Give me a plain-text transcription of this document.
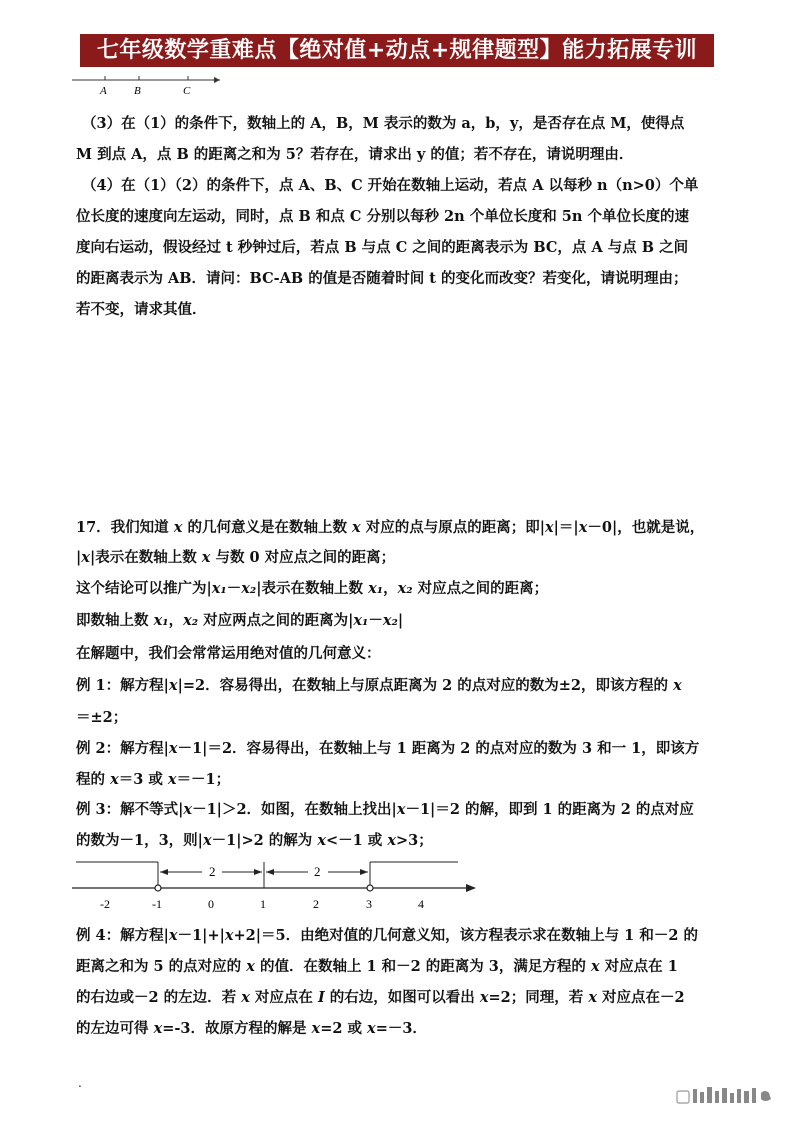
七年级数学重难点【绝对值+动点+规律题型】能力拓展专训
A B	C
（3）在（1）的条件下，数轴上的 A，B，M 表示的数为 a，b，y，是否存在点 M，使得点
M 到点 A，点 B 的距离之和为 5？若存在，请求出 y 的值；若不存在，请说明理由．
（4）在（1）（2）的条件下，点 A、B、C 开始在数轴上运动，若点 A 以每秒 n（n>0）个单
位长度的速度向左运动，同时，点 B 和点 C 分别以每秒 2n 个单位长度和 5n 个单位长度的速
度向右运动，假设经过 t 秒钟过后，若点 B 与点 C 之间的距离表示为 BC，点 A 与点 B 之间
的距离表示为 AB．请问：BC-AB 的值是否随着时间 t 的变化而改变？若变化，请说明理由；
若不变，请求其值．
17．我们知道 x 的几何意义是在数轴上数 x 对应的点与原点的距离；即|x|＝|x－0|，也就是说，
|x|表示在数轴上数 x 与数 0 对应点之间的距离；
这个结论可以推广为|x₁－x₂|表示在数轴上数 x₁，x₂ 对应点之间的距离；
即数轴上数 x₁，x₂ 对应两点之间的距离为|x₁－x₂|
在解题中，我们会常常运用绝对值的几何意义：
例 1：解方程|x|=2．容易得出，在数轴上与原点距离为 2 的点对应的数为±2，即该方程的 x
＝±2；
例 2：解方程|x－1|＝2．容易得出，在数轴上与 1 距离为 2 的点对应的数为 3 和一 1，即该方
程的 x＝3 或 x＝－1；
例 3：解不等式|x－1|＞2．如图，在数轴上找出|x－1|＝2 的解，即到 1 的距离为 2 的点对应
的数为－1，3，则|x－1|>2 的解为 x<－1 或 x>3；
2	2
-2	-1	0	1	2	3	4
例 4：解方程|x－1|+|x+2|＝5．由绝对值的几何意义知，该方程表示求在数轴上与 1 和－2 的
距离之和为 5 的点对应的 x 的值．在数轴上 1 和－2 的距离为 3，满足方程的 x 对应点在 1
的右边或－2 的左边．若 x 对应点在 I 的右边，如图可以看出 x=2；同理，若 x 对应点在－2
的左边可得 x=-3．故原方程的解是 x=2 或 x=－3．
.
